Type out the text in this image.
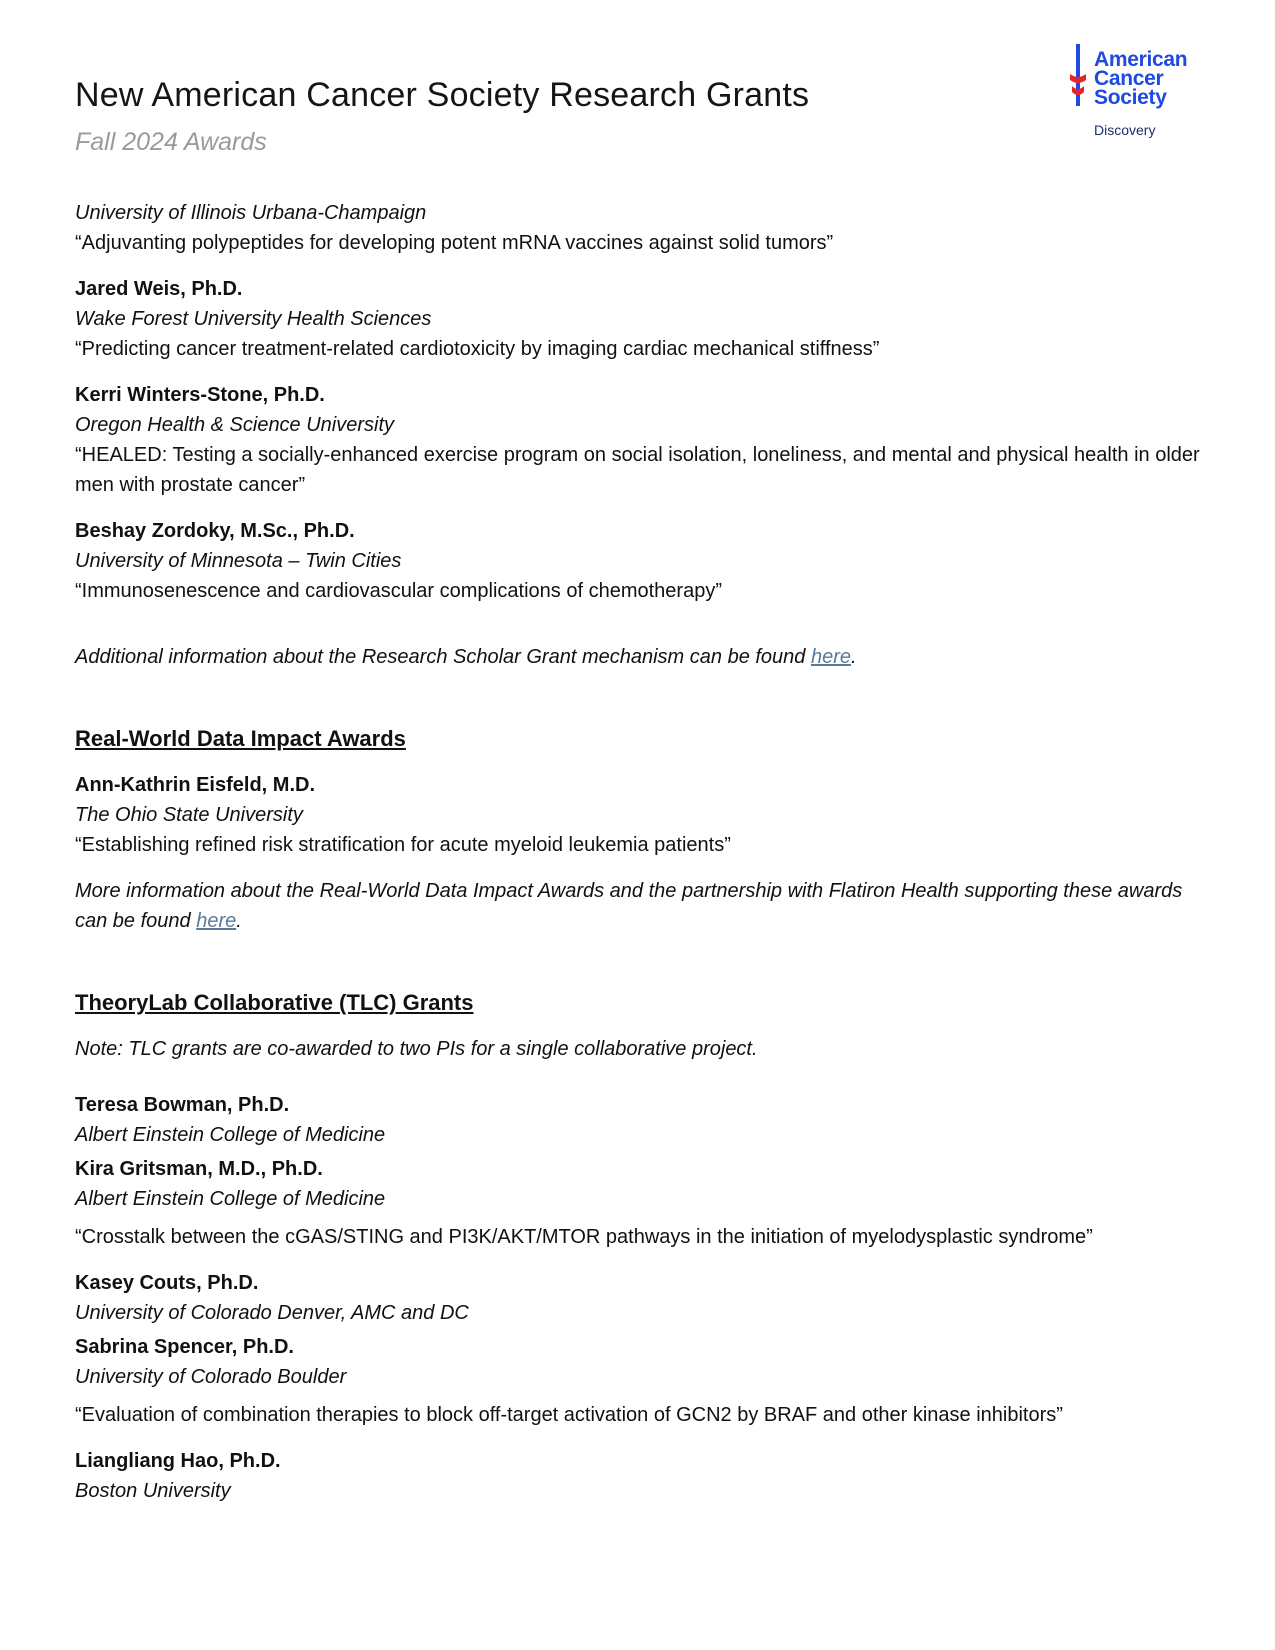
New American Cancer Society Research Grants

Fall 2024 Awards

American
Cancer
Society
Discovery

University of Illinois Urbana-Champaign

“Adjuvanting polypeptides for developing potent mRNA vaccines against solid tumors”

Jared Weis, Ph.D.

Wake Forest University Health Sciences

“Predicting cancer treatment-related cardiotoxicity by imaging cardiac mechanical stiffness”

Kerri Winters-Stone, Ph.D.

Oregon Health & Science University

“HEALED: Testing a socially-enhanced exercise program on social isolation, loneliness, and mental and physical health in older men with prostate cancer”

Beshay Zordoky, M.Sc., Ph.D.

University of Minnesota – Twin Cities

“Immunosenescence and cardiovascular complications of chemotherapy”

Additional information about the Research Scholar Grant mechanism can be found here.

Real-World Data Impact Awards

Ann-Kathrin Eisfeld, M.D.

The Ohio State University

“Establishing refined risk stratification for acute myeloid leukemia patients”

More information about the Real-World Data Impact Awards and the partnership with Flatiron Health supporting these awards can be found here.

TheoryLab Collaborative (TLC) Grants

Note: TLC grants are co-awarded to two PIs for a single collaborative project.

Teresa Bowman, Ph.D.

Albert Einstein College of Medicine

Kira Gritsman, M.D., Ph.D.

Albert Einstein College of Medicine

“Crosstalk between the cGAS/STING and PI3K/AKT/MTOR pathways in the initiation of myelodysplastic syndrome”

Kasey Couts, Ph.D.

University of Colorado Denver, AMC and DC

Sabrina Spencer, Ph.D.

University of Colorado Boulder

“Evaluation of combination therapies to block off-target activation of GCN2 by BRAF and other kinase inhibitors”

Liangliang Hao, Ph.D.

Boston University
